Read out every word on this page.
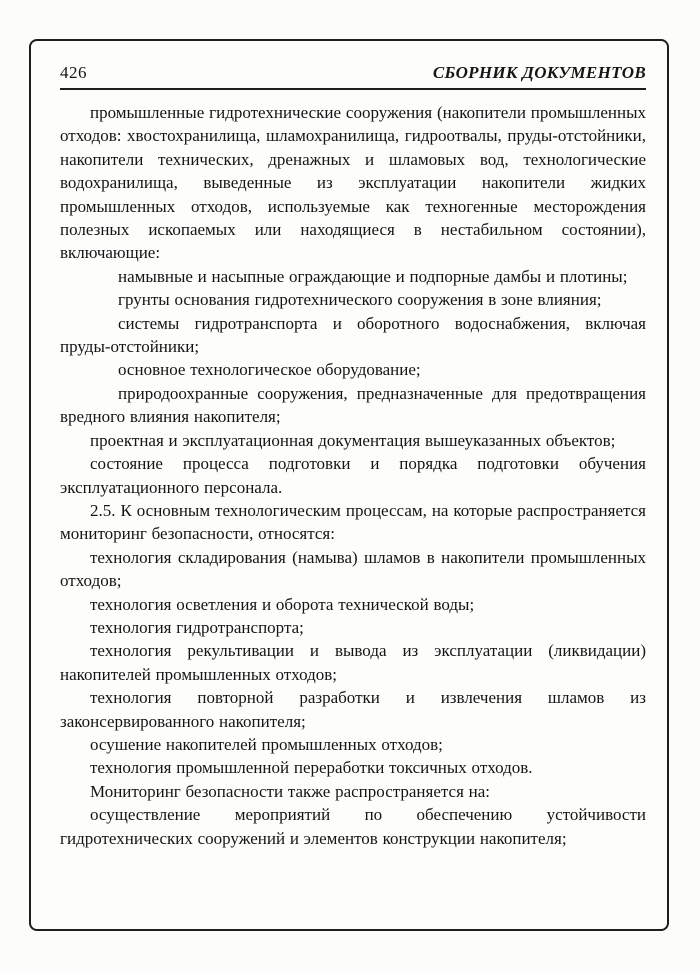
426	СБОРНИК ДОКУМЕНТОВ

промышленные гидротехнические сооружения (накопители промышленных отходов: хвостохранилища, шламохранилища, гидроотвалы, пруды-отстойники, накопители технических, дренажных и шламовых вод, технологические водохранилища, выведенные из эксплуатации накопители жидких промышленных отходов, используемые как техногенные месторождения полезных ископаемых или находящиеся в нестабильном состоянии), включающие:

намывные и насыпные ограждающие и подпорные дамбы и плотины;

грунты основания гидротехнического сооружения в зоне влияния;

системы гидротранспорта и оборотного водоснабжения, включая пруды-отстойники;

основное технологическое оборудование;

природоохранные сооружения, предназначенные для предотвращения вредного влияния накопителя;

проектная и эксплуатационная документация вышеуказанных объектов;

состояние процесса подготовки и порядка подготовки обучения эксплуатационного персонала.

2.5. К основным технологическим процессам, на которые распространяется мониторинг безопасности, относятся:

технология складирования (намыва) шламов в накопители промышленных отходов;

технология осветления и оборота технической воды;

технология гидротранспорта;

технология рекультивации и вывода из эксплуатации (ликвидации) накопителей промышленных отходов;

технология повторной разработки и извлечения шламов из законсервированного накопителя;

осушение накопителей промышленных отходов;

технология промышленной переработки токсичных отходов.

Мониторинг безопасности также распространяется на:

осуществление мероприятий по обеспечению устойчивости гидротехнических сооружений и элементов конструкции накопителя;
